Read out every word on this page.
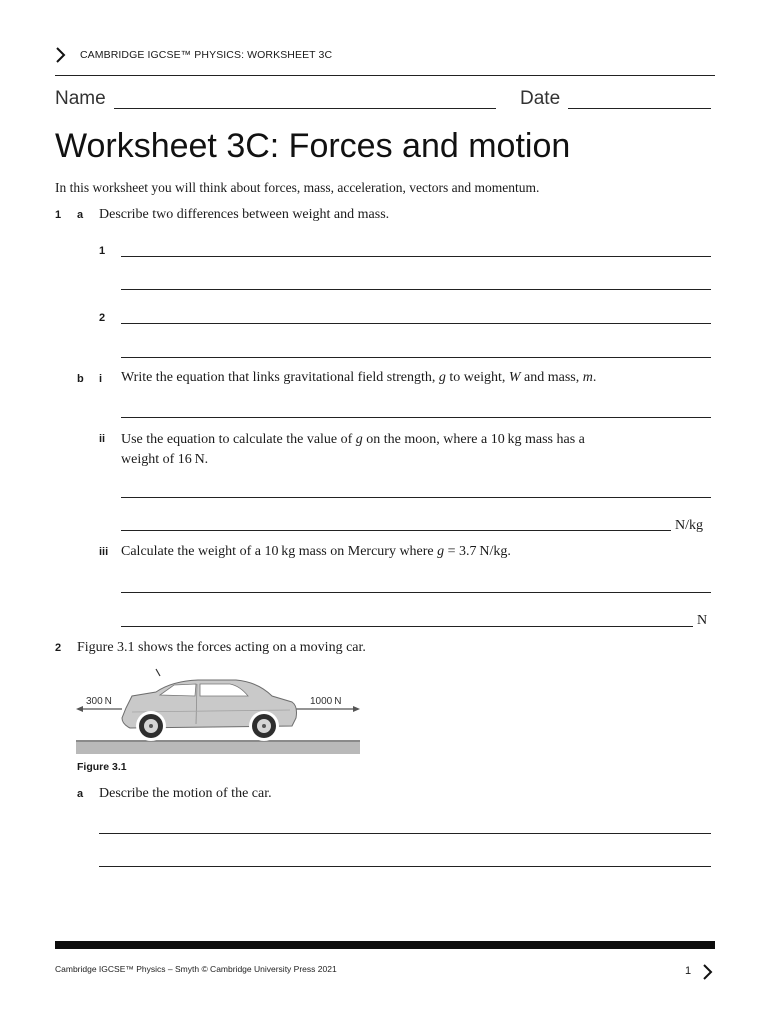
CAMBRIDGE IGCSE™ PHYSICS: WORKSHEET 3C
Name	Date
Worksheet 3C: Forces and motion
In this worksheet you will think about forces, mass, acceleration, vectors and momentum.
1 a Describe two differences between weight and mass.
1
2
b i Write the equation that links gravitational field strength, g to weight, W and mass, m.
ii Use the equation to calculate the value of g on the moon, where a 10 kg mass has a
weight of 16 N.
N/kg
iii Calculate the weight of a 10 kg mass on Mercury where g = 3.7 N/kg.
N
2 Figure 3.1 shows the forces acting on a moving car.
300 N	1000 N
Figure 3.1
a Describe the motion of the car.
Cambridge IGCSE™ Physics – Smyth © Cambridge University Press 2021	1
